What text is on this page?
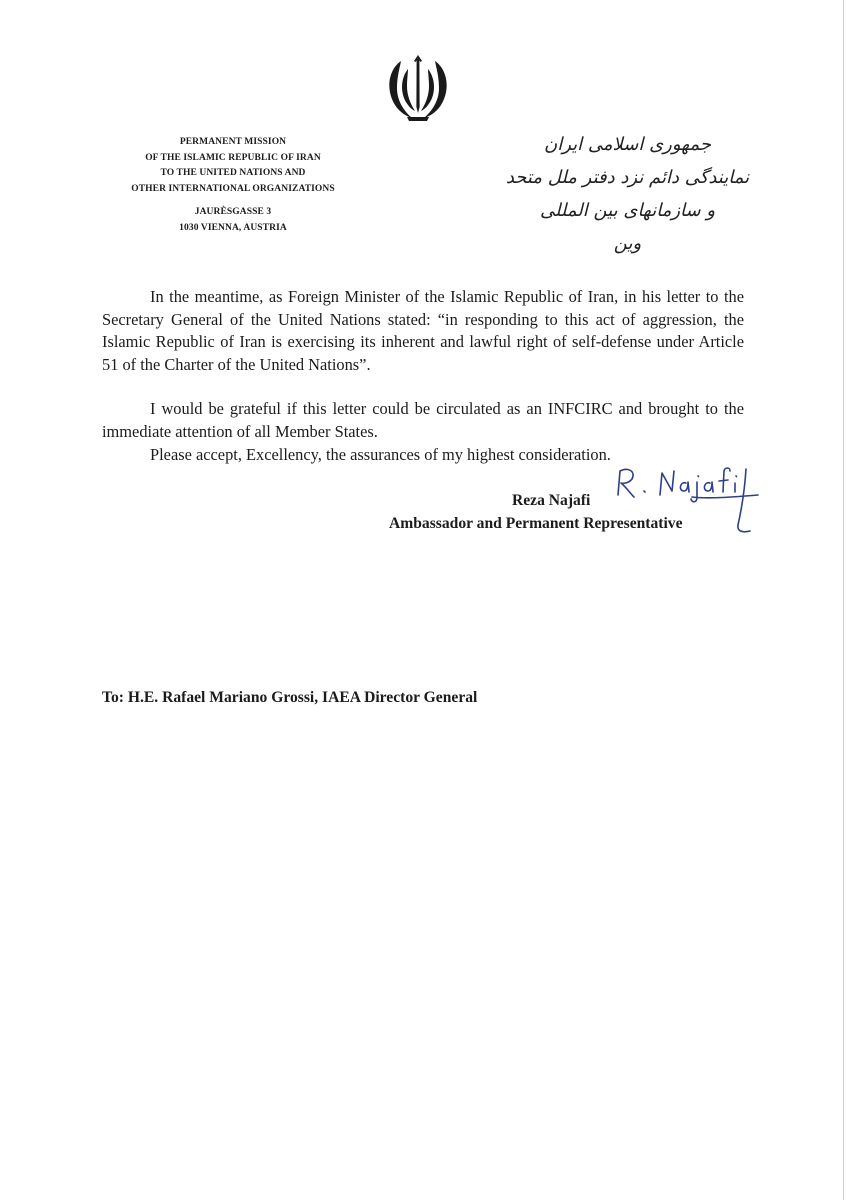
PERMANENT MISSION
OF THE ISLAMIC REPUBLIC OF IRAN
TO THE UNITED NATIONS AND
OTHER INTERNATIONAL ORGANIZATIONS
JAURÈSGASSE 3
1030 VIENNA, AUSTRIA
جمهوری اسلامی ایران
نمایندگی دائم نزد دفتر ملل متحد و سازمانهای بین المللی
وین

In the meantime, as Foreign Minister of the Islamic Republic of Iran, in his letter to the Secretary General of the United Nations stated: “in responding to this act of aggression, the Islamic Republic of Iran is exercising its inherent and lawful right of self-defense under Article 51 of the Charter of the United Nations”.

I would be grateful if this letter could be circulated as an INFCIRC and brought to the immediate attention of all Member States.

Please accept, Excellency, the assurances of my highest consideration.

Reza Najafi
Ambassador and Permanent Representative
To: H.E. Rafael Mariano Grossi, IAEA Director General
